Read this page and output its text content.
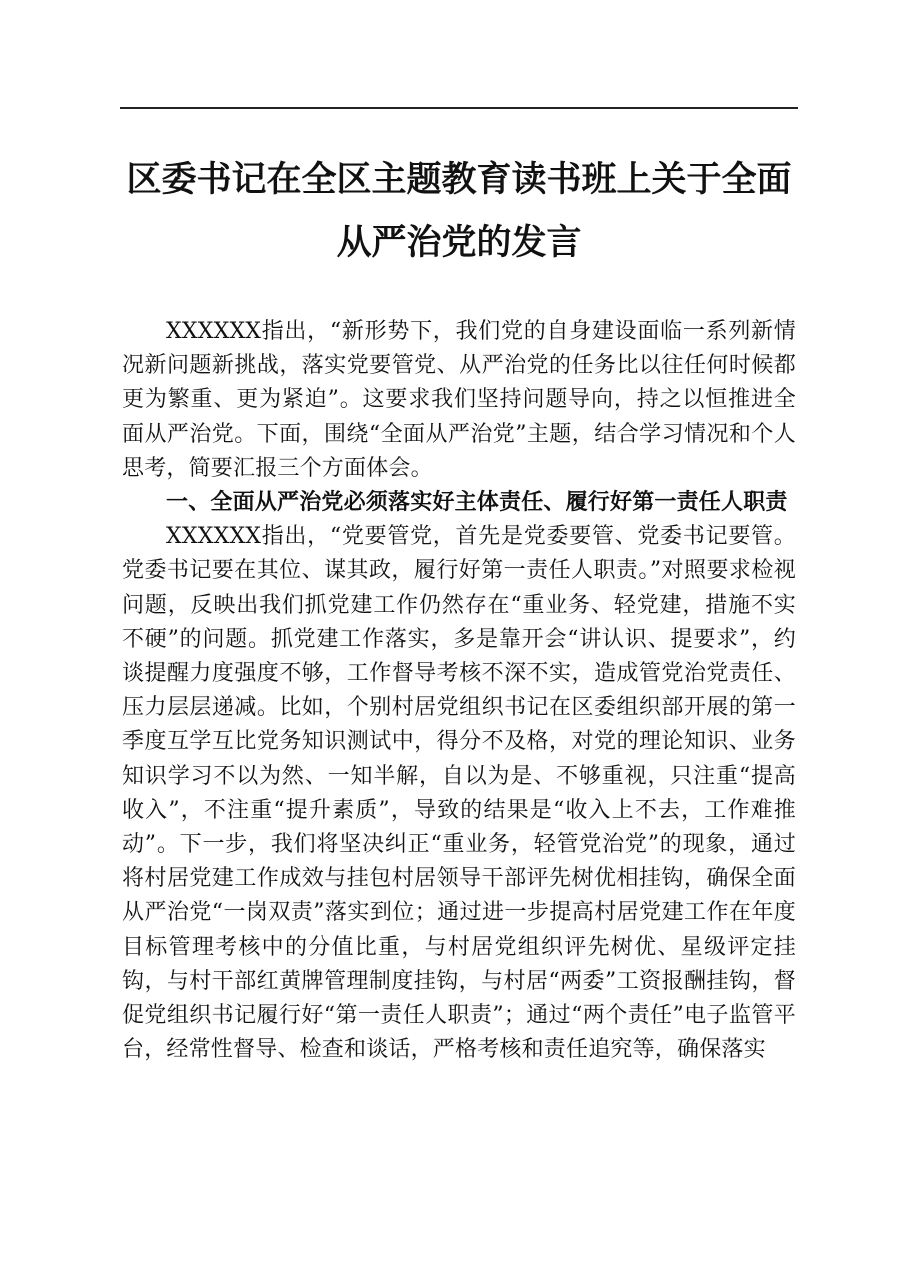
区委书记在全区主题教育读书班上关于全面从严治党的发言

XXXXXX指出，“新形势下，我们党的自身建设面临一系列新情况新问题新挑战，落实党要管党、从严治党的任务比以往任何时候都更为繁重、更为紧迫”。这要求我们坚持问题导向，持之以恒推进全面从严治党。下面，围绕“全面从严治党”主题，结合学习情况和个人思考，简要汇报三个方面体会。

一、全面从严治党必须落实好主体责任、履行好第一责任人职责

XXXXXX指出，“党要管党，首先是党委要管、党委书记要管。党委书记要在其位、谋其政，履行好第一责任人职责。”对照要求检视问题，反映出我们抓党建工作仍然存在“重业务、轻党建，措施不实不硬”的问题。抓党建工作落实，多是靠开会“讲认识、提要求”，约谈提醒力度强度不够，工作督导考核不深不实，造成管党治党责任、压力层层递减。比如，个别村居党组织书记在区委组织部开展的第一季度互学互比党务知识测试中，得分不及格，对党的理论知识、业务知识学习不以为然、一知半解，自以为是、不够重视，只注重“提高收入”，不注重“提升素质”，导致的结果是“收入上不去，工作难推动”。下一步，我们将坚决纠正“重业务，轻管党治党”的现象，通过将村居党建工作成效与挂包村居领导干部评先树优相挂钩，确保全面从严治党“一岗双责”落实到位；通过进一步提高村居党建工作在年度目标管理考核中的分值比重，与村居党组织评先树优、星级评定挂钩，与村干部红黄牌管理制度挂钩，与村居“两委”工资报酬挂钩，督促党组织书记履行好“第一责任人职责”；通过“两个责任”电子监管平台，经常性督导、检查和谈话，严格考核和责任追究等，确保落实
